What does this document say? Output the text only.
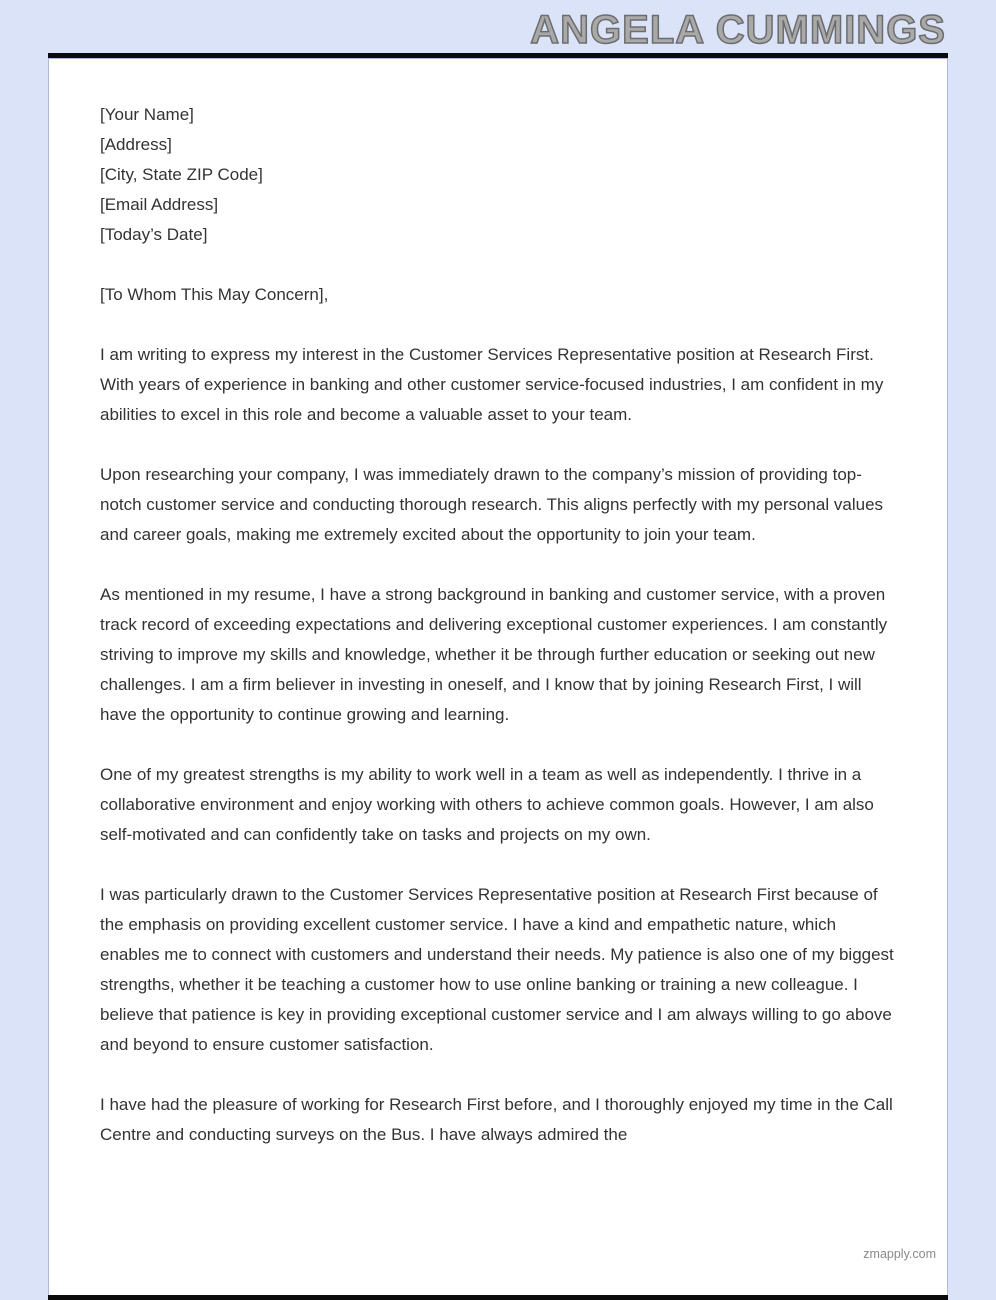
ANGELA CUMMINGS
[Your Name]
[Address]
[City, State ZIP Code]
[Email Address]
[Today’s Date]
[To Whom This May Concern],
I am writing to express my interest in the Customer Services Representative position at Research First. With years of experience in banking and other customer service-focused industries, I am confident in my abilities to excel in this role and become a valuable asset to your team.
Upon researching your company, I was immediately drawn to the company’s mission of providing top-notch customer service and conducting thorough research. This aligns perfectly with my personal values and career goals, making me extremely excited about the opportunity to join your team.
As mentioned in my resume, I have a strong background in banking and customer service, with a proven track record of exceeding expectations and delivering exceptional customer experiences. I am constantly striving to improve my skills and knowledge, whether it be through further education or seeking out new challenges. I am a firm believer in investing in oneself, and I know that by joining Research First, I will have the opportunity to continue growing and learning.
One of my greatest strengths is my ability to work well in a team as well as independently. I thrive in a collaborative environment and enjoy working with others to achieve common goals. However, I am also self-motivated and can confidently take on tasks and projects on my own.
I was particularly drawn to the Customer Services Representative position at Research First because of the emphasis on providing excellent customer service. I have a kind and empathetic nature, which enables me to connect with customers and understand their needs. My patience is also one of my biggest strengths, whether it be teaching a customer how to use online banking or training a new colleague. I believe that patience is key in providing exceptional customer service and I am always willing to go above and beyond to ensure customer satisfaction.
I have had the pleasure of working for Research First before, and I thoroughly enjoyed my time in the Call Centre and conducting surveys on the Bus. I have always admired the
zmapply.com
